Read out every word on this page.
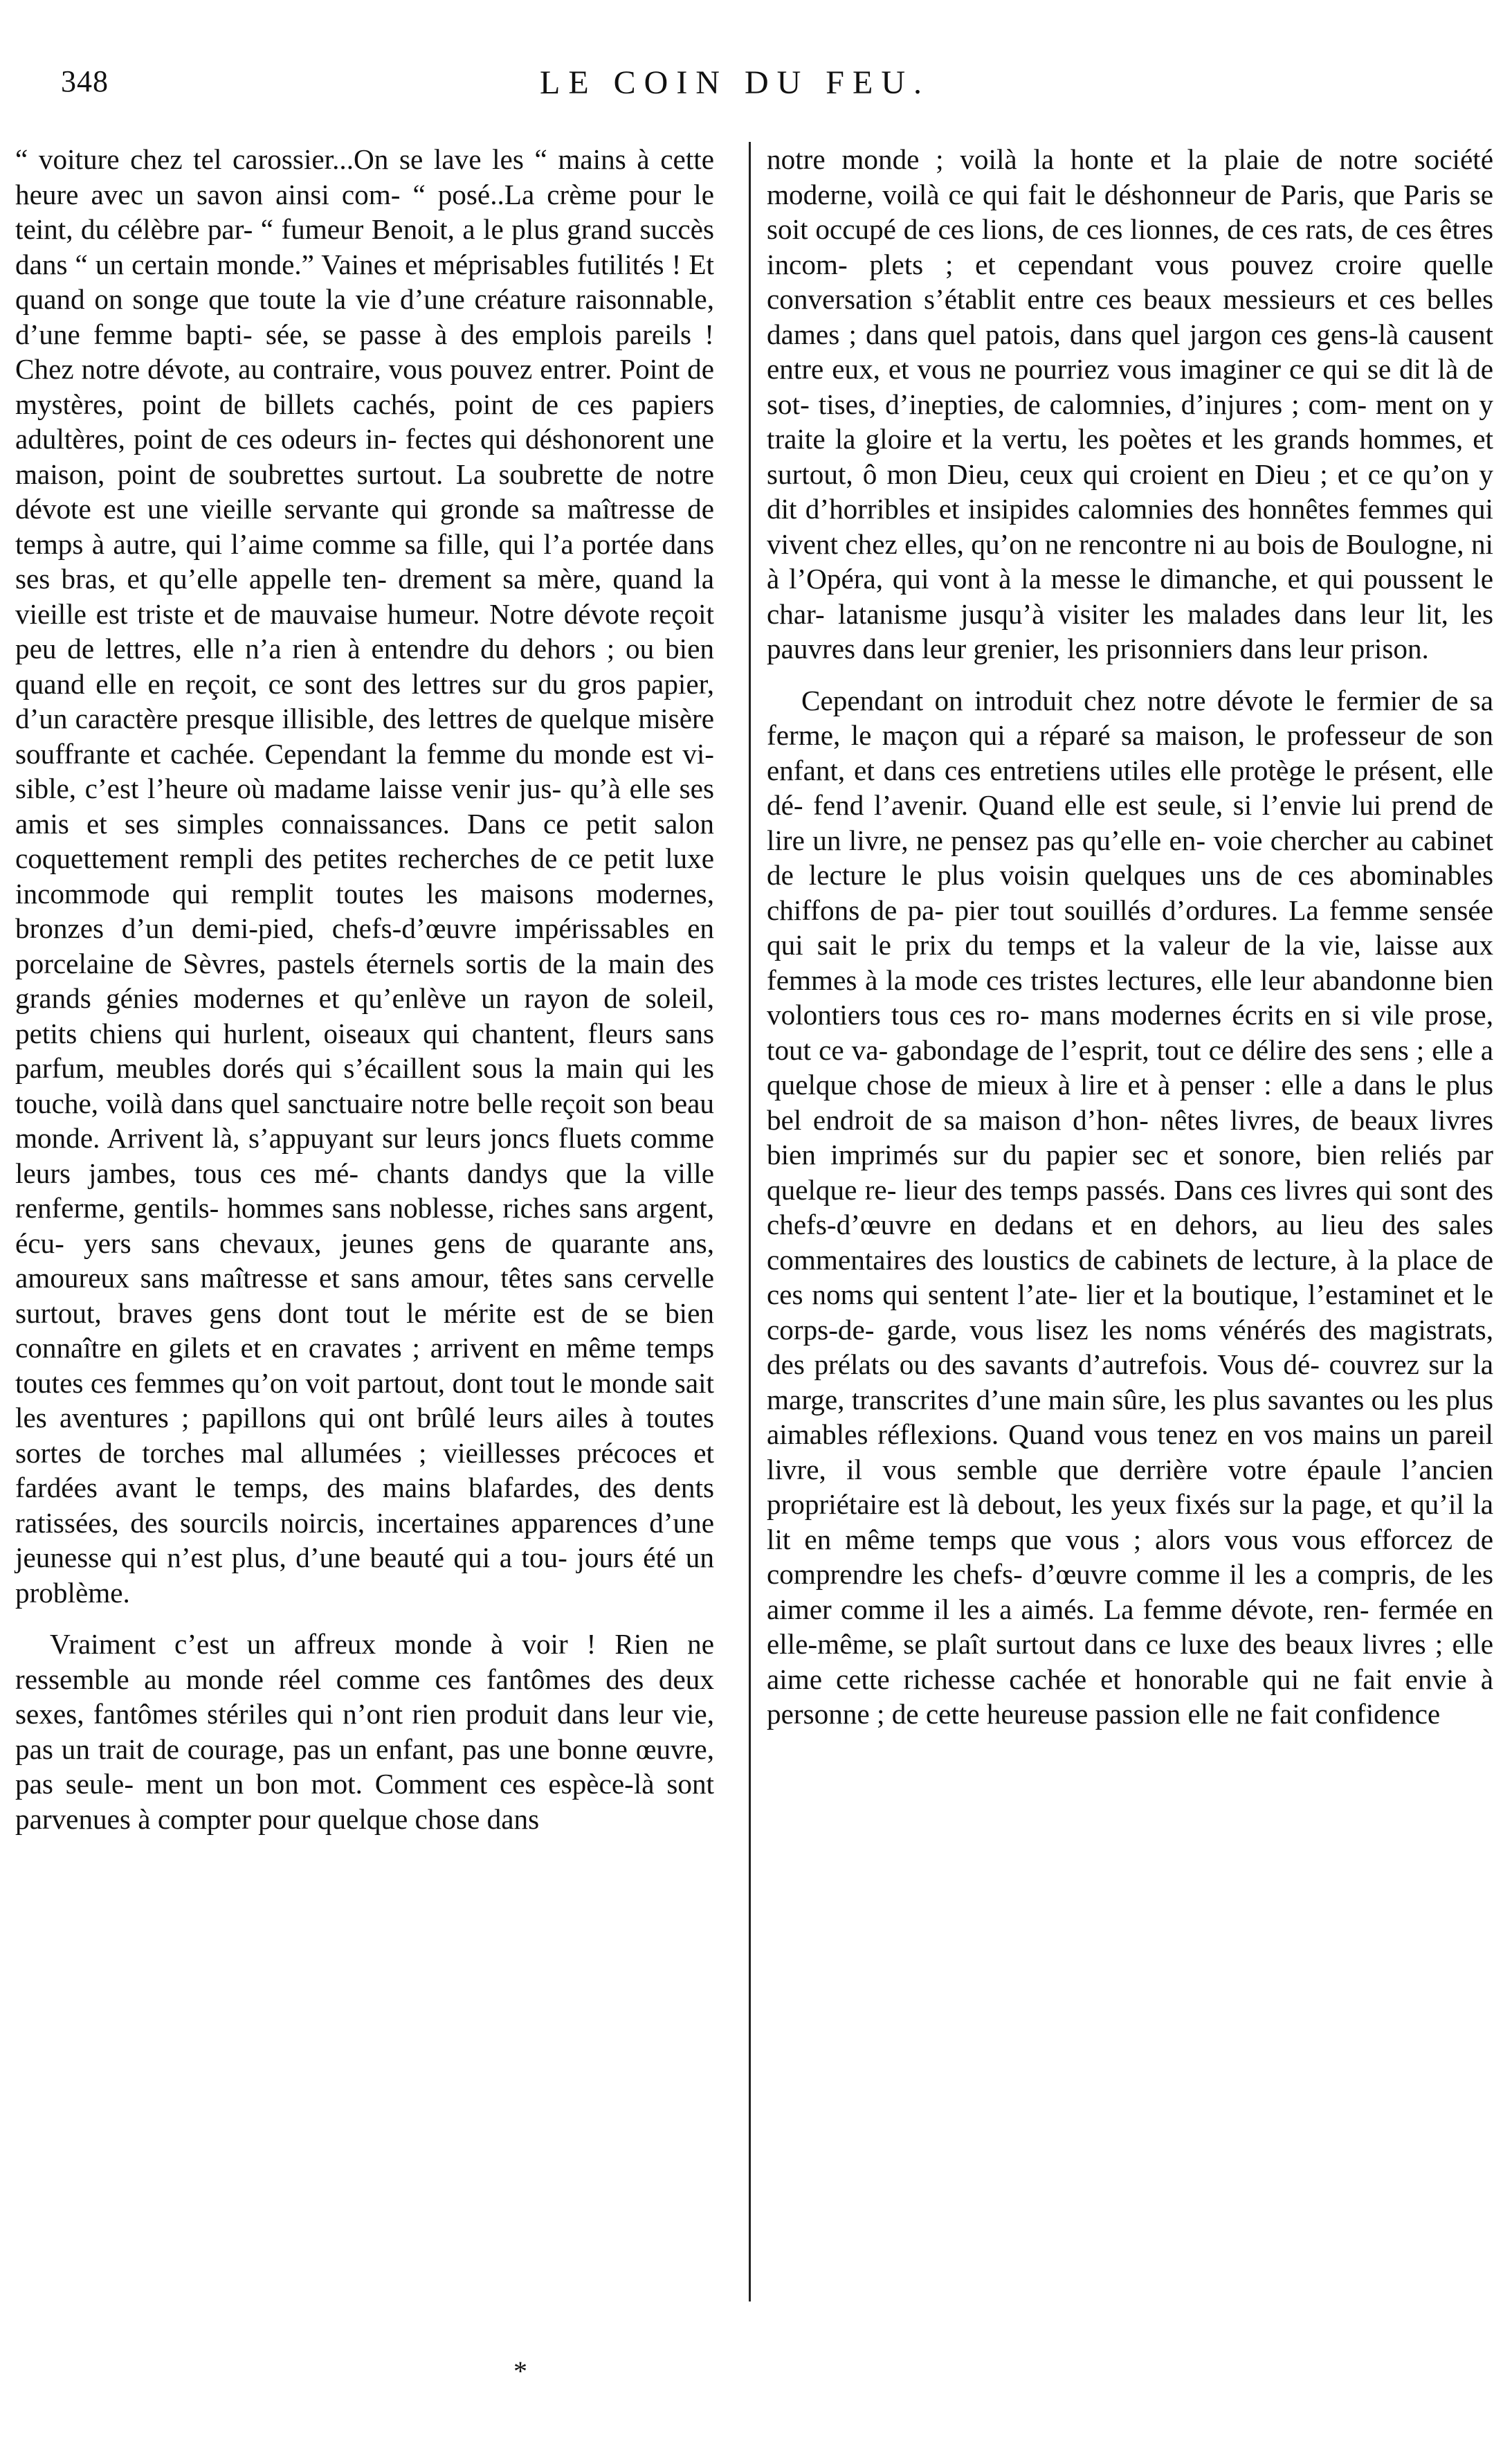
348	LE COIN DU FEU.

“ voiture chez tel carossier...On se lave les “ mains à cette heure avec un savon ainsi com- “ posé..La crème pour le teint, du célèbre par- “ fumeur Benoit, a le plus grand succès dans “ un certain monde.” Vaines et méprisables futilités ! Et quand on songe que toute la vie d’une créature raisonnable, d’une femme bapti- sée, se passe à des emplois pareils ! Chez notre dévote, au contraire, vous pouvez entrer. Point de mystères, point de billets cachés, point de ces papiers adultères, point de ces odeurs in- fectes qui déshonorent une maison, point de soubrettes surtout. La soubrette de notre dévote est une vieille servante qui gronde sa maîtresse de temps à autre, qui l’aime comme sa fille, qui l’a portée dans ses bras, et qu’elle appelle ten- drement sa mère, quand la vieille est triste et de mauvaise humeur. Notre dévote reçoit peu de lettres, elle n’a rien à entendre du dehors ; ou bien quand elle en reçoit, ce sont des lettres sur du gros papier, d’un caractère presque illisible, des lettres de quelque misère souffrante et cachée. Cependant la femme du monde est vi- sible, c’est l’heure où madame laisse venir jus- qu’à elle ses amis et ses simples connaissances. Dans ce petit salon coquettement rempli des petites recherches de ce petit luxe incommode qui remplit toutes les maisons modernes, bronzes d’un demi-pied, chefs-d’œuvre impérissables en porcelaine de Sèvres, pastels éternels sortis de la main des grands génies modernes et qu’enlève un rayon de soleil, petits chiens qui hurlent, oiseaux qui chantent, fleurs sans parfum, meubles dorés qui s’écaillent sous la main qui les touche, voilà dans quel sanctuaire notre belle reçoit son beau monde. Arrivent là, s’appuyant sur leurs joncs fluets comme leurs jambes, tous ces mé- chants dandys que la ville renferme, gentils- hommes sans noblesse, riches sans argent, écu- yers sans chevaux, jeunes gens de quarante ans, amoureux sans maîtresse et sans amour, têtes sans cervelle surtout, braves gens dont tout le mérite est de se bien connaître en gilets et en cravates ; arrivent en même temps toutes ces femmes qu’on voit partout, dont tout le monde sait les aventures ; papillons qui ont brûlé leurs ailes à toutes sortes de torches mal allumées ; vieillesses précoces et fardées avant le temps, des mains blafardes, des dents ratissées, des sourcils noircis, incertaines apparences d’une jeunesse qui n’est plus, d’une beauté qui a tou- jours été un problème.

Vraiment c’est un affreux monde à voir ! Rien ne ressemble au monde réel comme ces fantômes des deux sexes, fantômes stériles qui n’ont rien produit dans leur vie, pas un trait de courage, pas un enfant, pas une bonne œuvre, pas seule- ment un bon mot. Comment ces espèce-là sont parvenues à compter pour quelque chose dans

notre monde ; voilà la honte et la plaie de notre société moderne, voilà ce qui fait le déshonneur de Paris, que Paris se soit occupé de ces lions, de ces lionnes, de ces rats, de ces êtres incom- plets ; et cependant vous pouvez croire quelle conversation s’établit entre ces beaux messieurs et ces belles dames ; dans quel patois, dans quel jargon ces gens-là causent entre eux, et vous ne pourriez vous imaginer ce qui se dit là de sot- tises, d’inepties, de calomnies, d’injures ; com- ment on y traite la gloire et la vertu, les poètes et les grands hommes, et surtout, ô mon Dieu, ceux qui croient en Dieu ; et ce qu’on y dit d’horribles et insipides calomnies des honnêtes femmes qui vivent chez elles, qu’on ne rencontre ni au bois de Boulogne, ni à l’Opéra, qui vont à la messe le dimanche, et qui poussent le char- latanisme jusqu’à visiter les malades dans leur lit, les pauvres dans leur grenier, les prisonniers dans leur prison.

Cependant on introduit chez notre dévote le fermier de sa ferme, le maçon qui a réparé sa maison, le professeur de son enfant, et dans ces entretiens utiles elle protège le présent, elle dé- fend l’avenir. Quand elle est seule, si l’envie lui prend de lire un livre, ne pensez pas qu’elle en- voie chercher au cabinet de lecture le plus voisin quelques uns de ces abominables chiffons de pa- pier tout souillés d’ordures. La femme sensée qui sait le prix du temps et la valeur de la vie, laisse aux femmes à la mode ces tristes lectures, elle leur abandonne bien volontiers tous ces ro- mans modernes écrits en si vile prose, tout ce va- gabondage de l’esprit, tout ce délire des sens ; elle a quelque chose de mieux à lire et à penser : elle a dans le plus bel endroit de sa maison d’hon- nêtes livres, de beaux livres bien imprimés sur du papier sec et sonore, bien reliés par quelque re- lieur des temps passés. Dans ces livres qui sont des chefs-d’œuvre en dedans et en dehors, au lieu des sales commentaires des loustics de cabinets de lecture, à la place de ces noms qui sentent l’ate- lier et la boutique, l’estaminet et le corps-de- garde, vous lisez les noms vénérés des magistrats, des prélats ou des savants d’autrefois. Vous dé- couvrez sur la marge, transcrites d’une main sûre, les plus savantes ou les plus aimables réflexions. Quand vous tenez en vos mains un pareil livre, il vous semble que derrière votre épaule l’ancien propriétaire est là debout, les yeux fixés sur la page, et qu’il la lit en même temps que vous ; alors vous vous efforcez de comprendre les chefs- d’œuvre comme il les a compris, de les aimer comme il les a aimés. La femme dévote, ren- fermée en elle-même, se plaît surtout dans ce luxe des beaux livres ; elle aime cette richesse cachée et honorable qui ne fait envie à personne ; de cette heureuse passion elle ne fait confidence

*
